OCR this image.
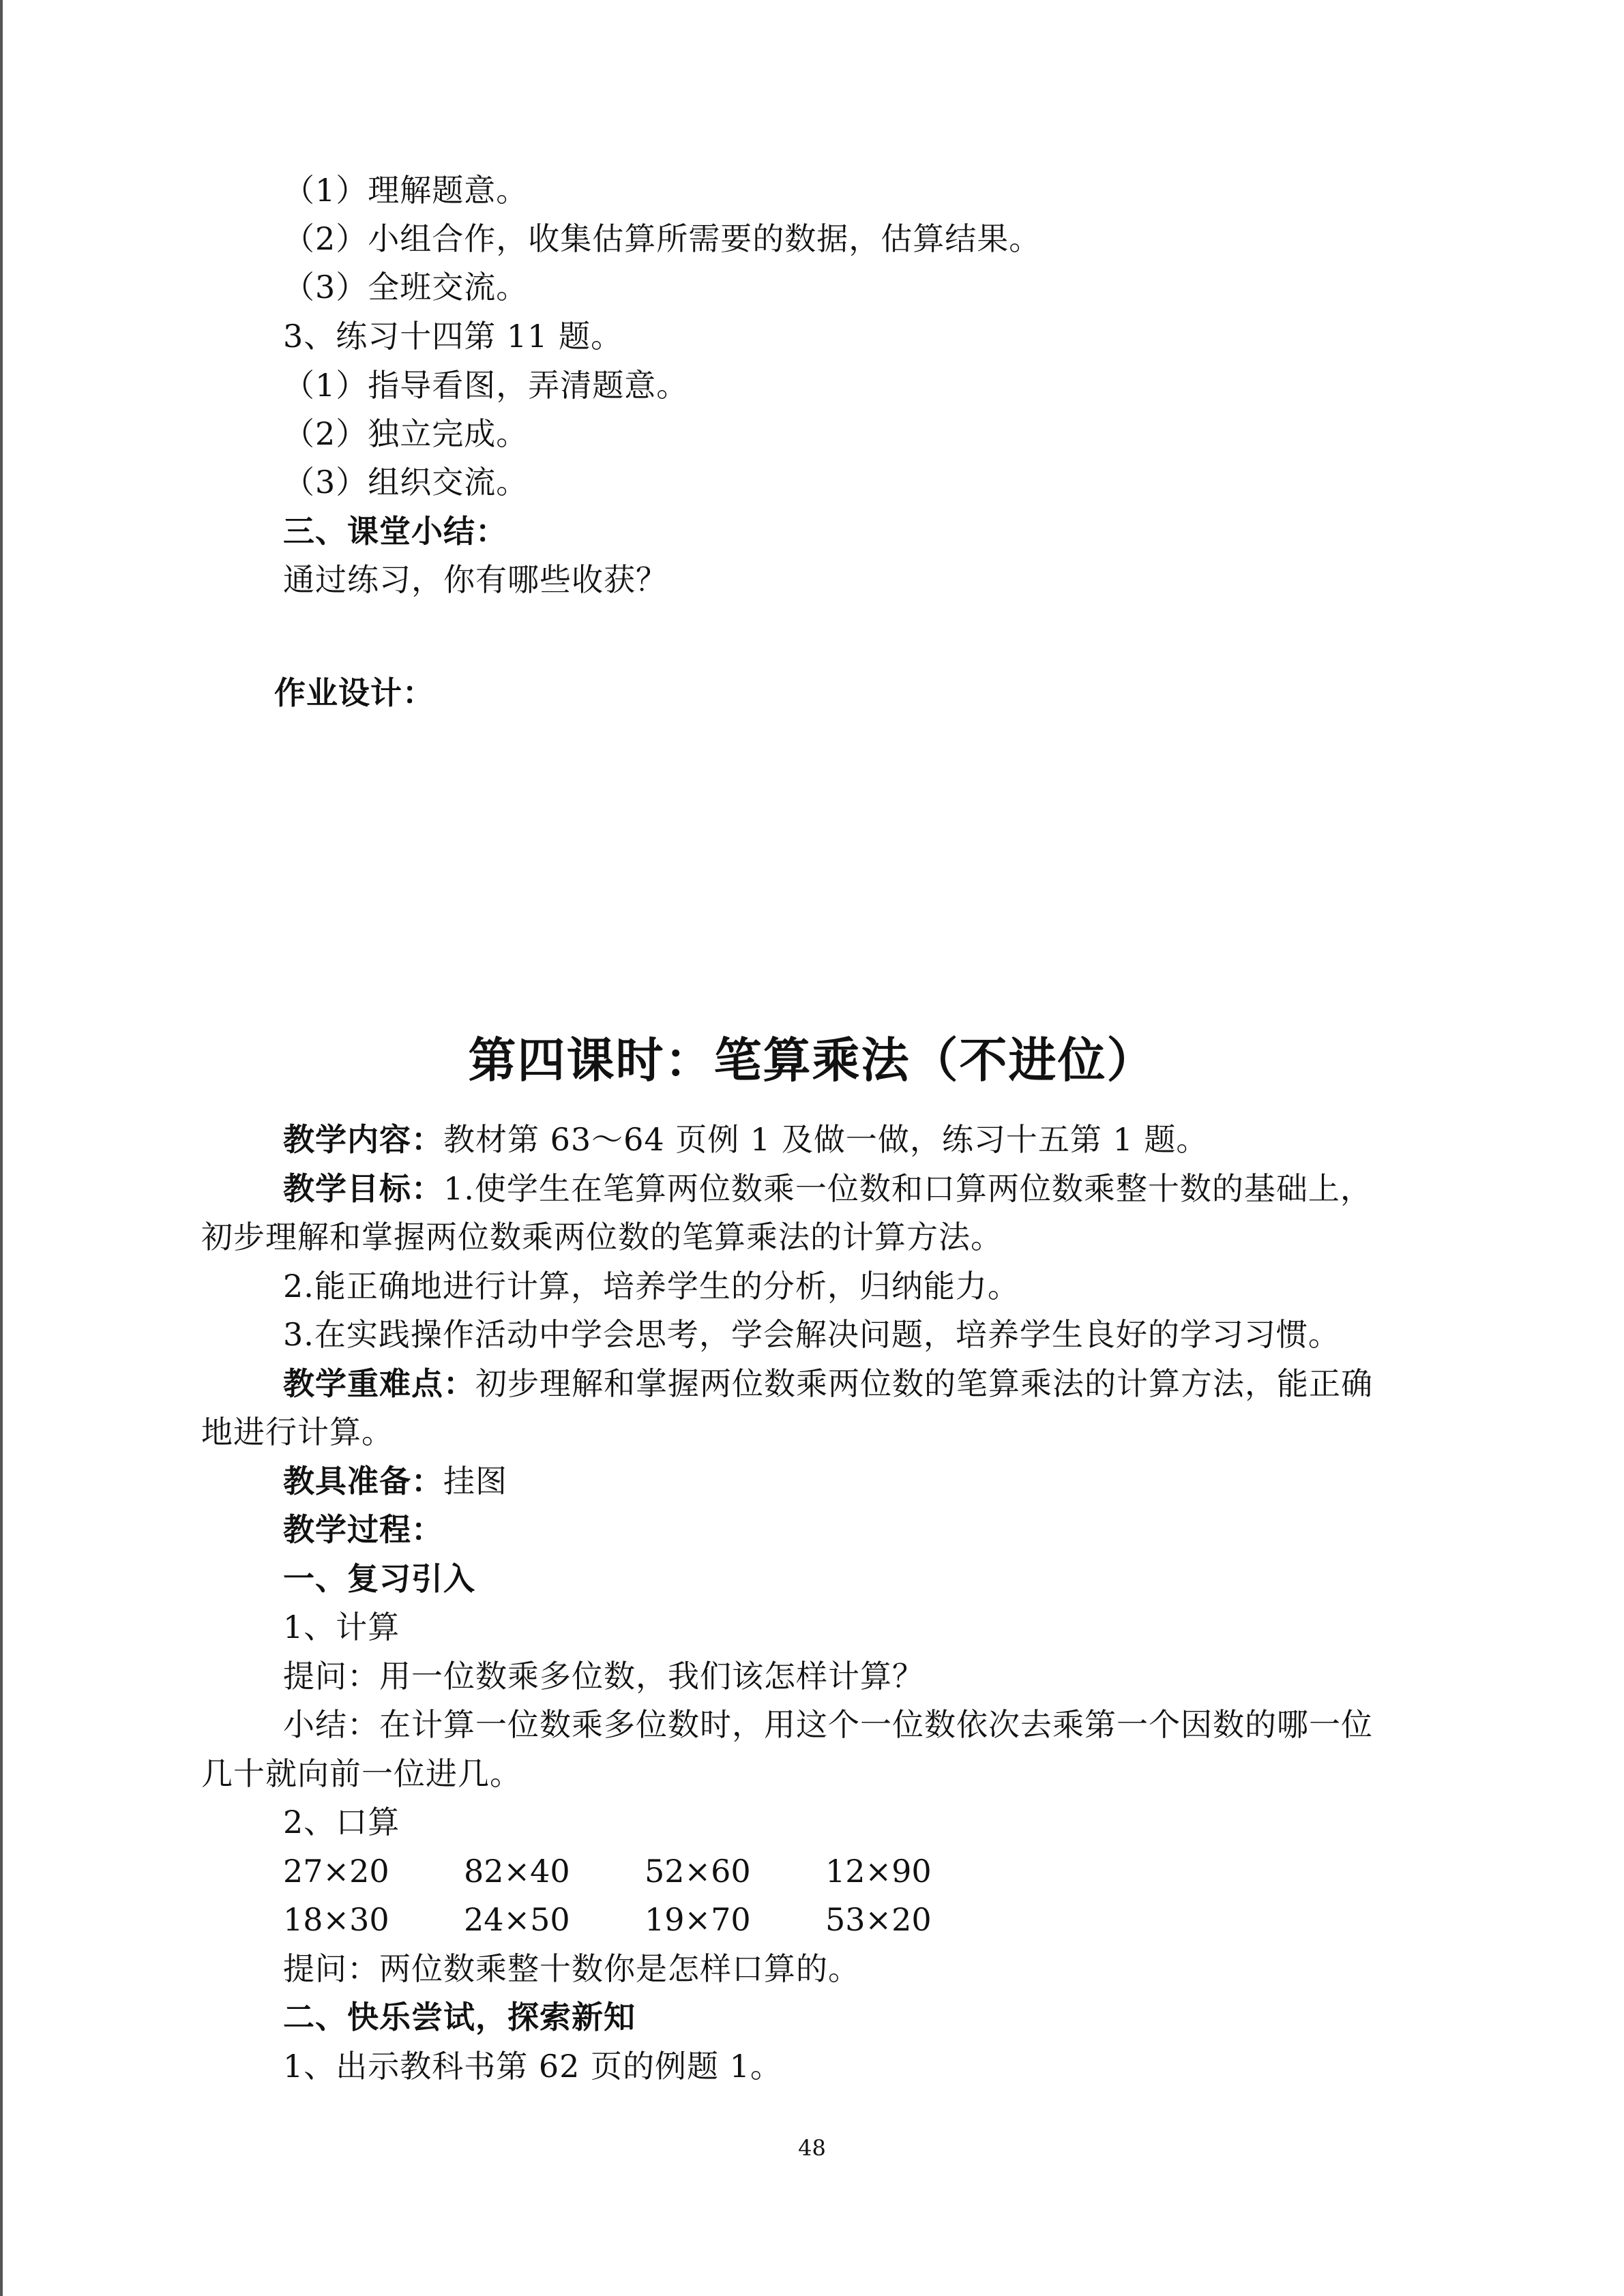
（1）理解题意。
（2）小组合作，收集估算所需要的数据，估算结果。
（3）全班交流。
3、练习十四第 11 题。
（1）指导看图，弄清题意。
（2）独立完成。
（3）组织交流。
三、课堂小结：
通过练习，你有哪些收获？
作业设计：
第四课时：笔算乘法（不进位）
教学内容：教材第 63～64 页例 1 及做一做，练习十五第 1 题。
教学目标：1.使学生在笔算两位数乘一位数和口算两位数乘整十数的基础上，
初步理解和掌握两位数乘两位数的笔算乘法的计算方法。
2.能正确地进行计算，培养学生的分析，归纳能力。
3.在实践操作活动中学会思考，学会解决问题，培养学生良好的学习习惯。
教学重难点：初步理解和掌握两位数乘两位数的笔算乘法的计算方法，能正确
地进行计算。
教具准备：挂图
教学过程：
一、复习引入
1、计算
提问：用一位数乘多位数，我们该怎样计算？
小结：在计算一位数乘多位数时，用这个一位数依次去乘第一个因数的哪一位
几十就向前一位进几。
2、口算
27×20 82×40 52×60 12×90
18×30 24×50 19×70 53×20
提问：两位数乘整十数你是怎样口算的。
二、快乐尝试，探索新知
1、出示教科书第 62 页的例题 1。
48
